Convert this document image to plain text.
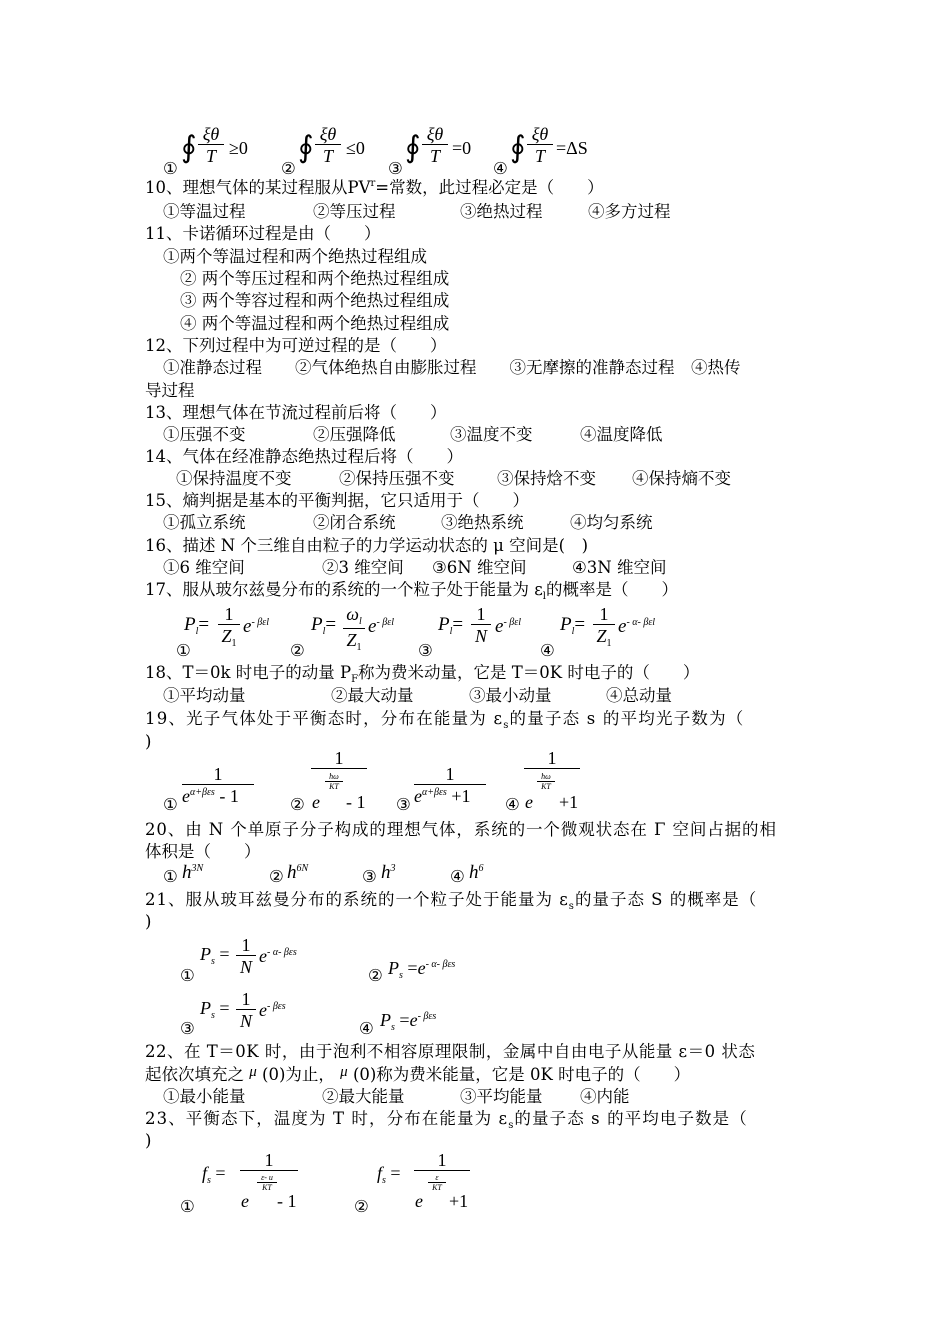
①
∮ ξθ
T ≥0
②
∮ ξθ
T ≤0
③
∮ ξθ
T =0
④
∮ ξθ
T =ΔS
10、理想气体的某过程服从$PV^r=$常数，此过程必定是（　　）
①等温过程	②等压过程	③绝热过程	④多方过程
11、卡诺循环过程是由（　　）
①两个等温过程和两个绝热过程组成
② 两个等压过程和两个绝热过程组成
③ 两个等容过程和两个绝热过程组成
④ 两个等温过程和两个绝热过程组成
12、下列过程中为可逆过程的是（　　）
①准静态过程　　②气体绝热自由膨胀过程　　③无摩擦的准静态过程　④热传
导过程
13、理想气体在节流过程前后将（　　）
①压强不变	②压强降低	③温度不变	④温度降低
14、气体在经准静态绝热过程后将（　　）
①保持温度不变	②保持压强不变	③保持焓不变 ④保持熵不变
15、熵判据是基本的平衡判据，它只适用于（　　）
①孤立系统	②闭合系统	③绝热系统	④均匀系统
16、描述 N 个三维自由粒子的力学运动状态的 μ 空间是(　)
①6 维空间	②3 维空间 ③6N 维空间	④3N 维空间
17、服从玻尔兹曼分布的系统的一个粒子处于能量为 $\varepsilon_l$的概率是（　　）
①
$P_l= 1$
$Z_1$
$e^{- \beta\varepsilon l}$
②
$P_l= \omega_l$
$Z_1$
$e^{- \beta\varepsilon l}$
③
$P_l= 1$
N $e^{- \beta\varepsilon l}$
④
$P_l= 1$
$Z_1$
$e^{- \alpha- \beta\varepsilon l}$
18、T＝0k 时电子的动量 $P_F$称为费米动量，它是 T＝0K 时电子的（　　）
①平均动量	②最大动量	③最小动量	④总动量
19、光子气体处于平衡态时，分布在能量为 $\varepsilon_s$的量子态 s 的平均光子数为（
)
①
1
$e^{\alpha+\beta\varepsilon s} - 1$	②
1
ħω
KT
e - 1 ③
1
$e^{\alpha+\beta\varepsilon s} +1$	④
1
ħω
KT
e +1
20、由 N 个单原子分子构成的理想气体，系统的一个微观状态在 Γ 空间占据的相
体积是（　　）
① $h^{3N}$	② $h^{6N}$	③ $h^3$	④ $h^6$
21、服从玻耳兹曼分布的系统的一个粒子处于能量为 $\varepsilon_s$的量子态 S 的概率是（
)
①
$P_s = 1$
N
$e^{- \alpha- \beta\varepsilon s}$
② $P_s =e^{- \alpha- \beta\varepsilon s}$
③
$P_s = 1$
N
$e^{- \beta\varepsilon s}$
④ $P_s =e^{- \beta\varepsilon s}$
22、在 T＝0K 时，由于泡利不相容原理限制，金属中自由电子从能量 ε＝0 状态
起依次填充之 μ (0)为止， μ (0)称为费米能量，它是 0K 时电子的（　　）
①最小能量	②最大能量	③平均能量 ④内能
23、平衡态下，温度为 T 时，分布在能量为 $\varepsilon_s$的量子态 s 的平均电子数是（
)
①
$f_s$ =
1
ε- u
KT
e - 1	②
$f_s$ =
1
ε
KT
e +1
